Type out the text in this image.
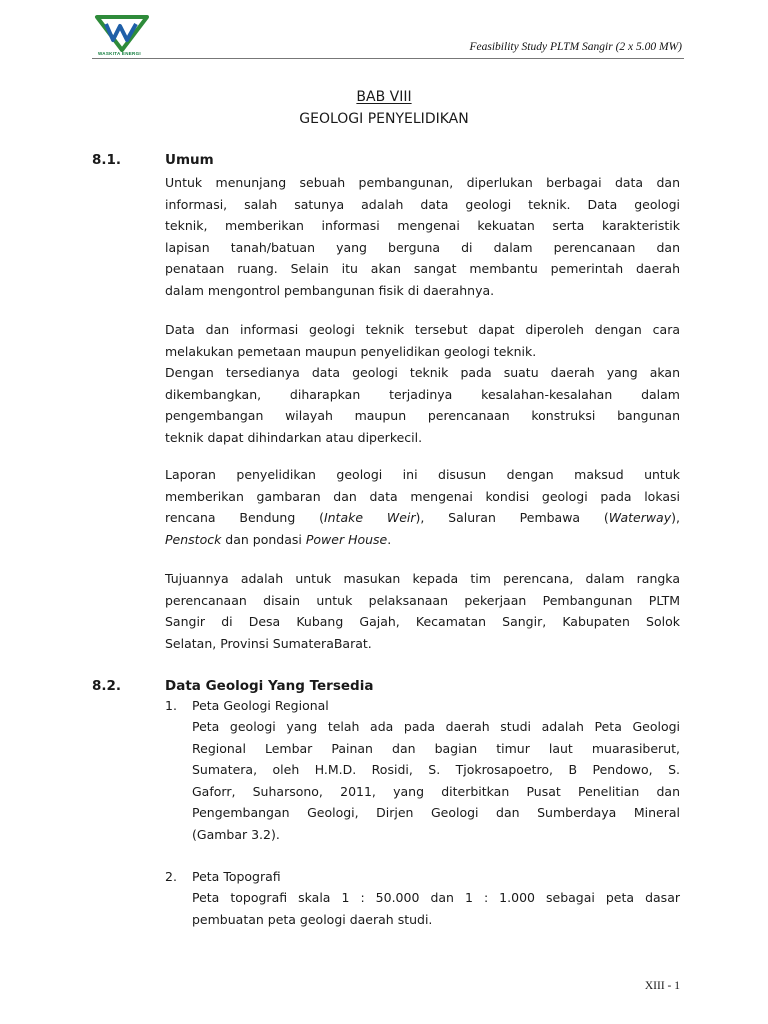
WASKITA ENERGI
Feasibility Study PLTM Sangir (2 x 5.00 MW)
BAB VIII
GEOLOGI PENYELIDIKAN
8.1.	Umum
Untuk menunjang sebuah pembangunan, diperlukan berbagai data dan
informasi, salah satunya adalah data geologi teknik. Data geologi
teknik, memberikan informasi mengenai kekuatan serta karakteristik
lapisan tanah/batuan yang berguna di dalam perencanaan dan
penataan ruang. Selain itu akan sangat membantu pemerintah daerah
dalam mengontrol pembangunan fisik di daerahnya.
Data dan informasi geologi teknik tersebut dapat diperoleh dengan cara
melakukan pemetaan maupun penyelidikan geologi teknik.
Dengan tersedianya data geologi teknik pada suatu daerah yang akan
dikembangkan, diharapkan terjadinya kesalahan-kesalahan dalam
pengembangan wilayah maupun perencanaan konstruksi bangunan
teknik dapat dihindarkan atau diperkecil.
Laporan penyelidikan geologi ini disusun dengan maksud untuk
memberikan gambaran dan data mengenai kondisi geologi pada lokasi
rencana Bendung (Intake Weir), Saluran Pembawa (Waterway),
Penstock dan pondasi Power House.
Tujuannya adalah untuk masukan kepada tim perencana, dalam rangka
perencanaan disain untuk pelaksanaan pekerjaan Pembangunan PLTM
Sangir di Desa Kubang Gajah, Kecamatan Sangir, Kabupaten Solok
Selatan, Provinsi SumateraBarat.
8.2.	Data Geologi Yang Tersedia
1. Peta Geologi Regional
Peta geologi yang telah ada pada daerah studi adalah Peta Geologi
Regional Lembar Painan dan bagian timur laut muarasiberut,
Sumatera, oleh H.M.D. Rosidi, S. Tjokrosapoetro, B Pendowo, S.
Gaforr, Suharsono, 2011, yang diterbitkan Pusat Penelitian dan
Pengembangan Geologi, Dirjen Geologi dan Sumberdaya Mineral
(Gambar 3.2).
2. Peta Topografi
Peta topografi skala 1 : 50.000 dan 1 : 1.000 sebagai peta dasar
pembuatan peta geologi daerah studi.
XIII - 1
